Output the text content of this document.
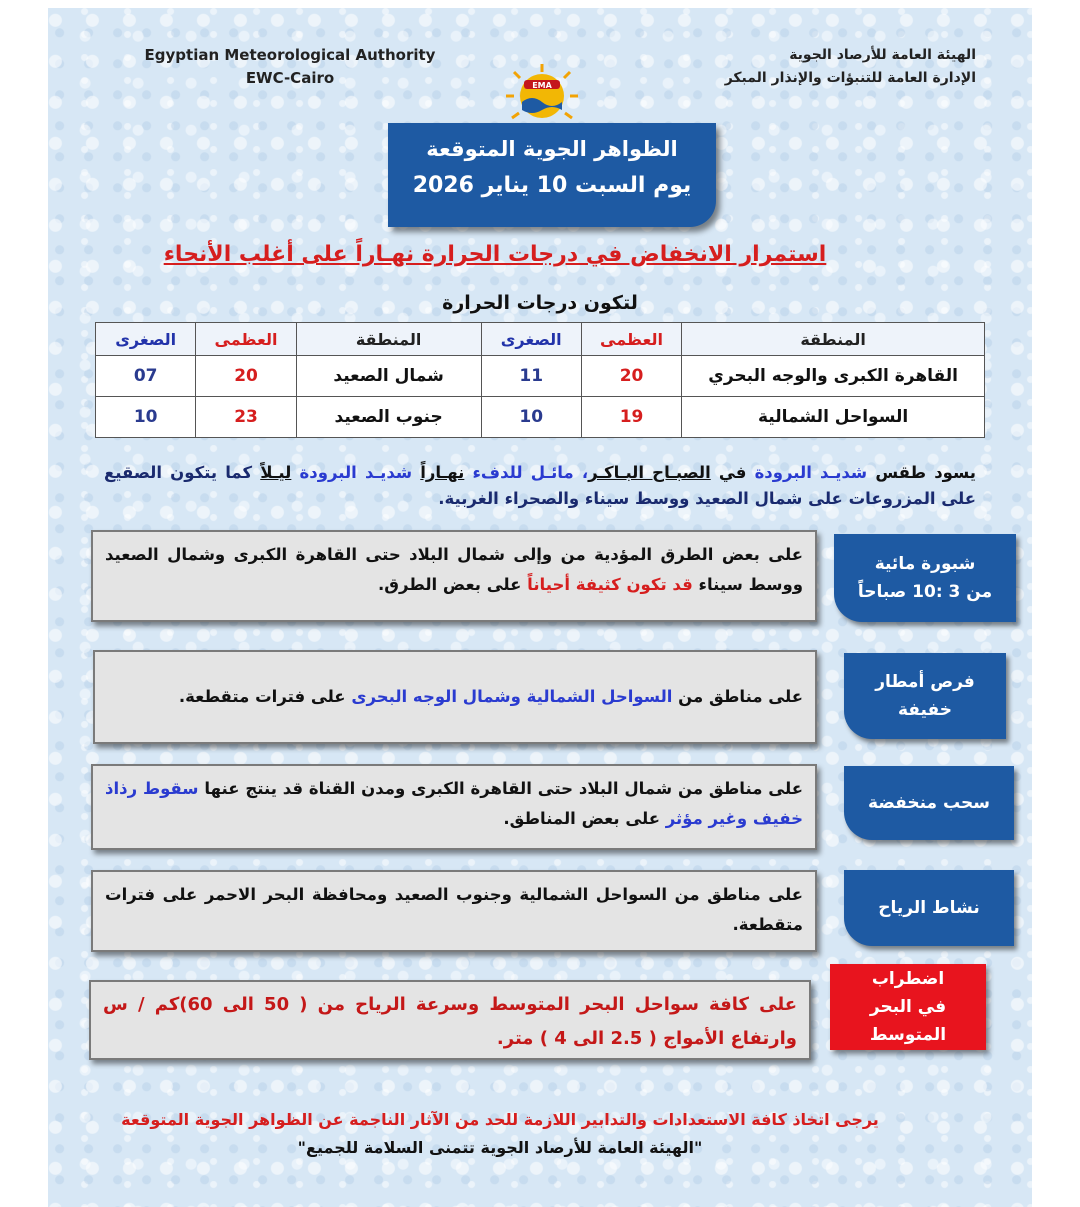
Egyptian Meteorological Authority
EWC-Cairo
الهيئة العامة للأرصاد الجوية
الإدارة العامة للتنبؤات والإنذار المبكر
EMA
الظواهر الجوية المتوقعة
يوم السبت 10 يناير 2026
استمرار الانخفاض في درجات الحرارة نهـاراً على أغلب الأنحاء
لتكون درجات الحرارة
المنطقة	العظمى	الصغرى	المنطقة	العظمى	الصغرى
القاهرة الكبرى والوجه البحري	20	11	شمال الصعيد	20	07
السواحل الشمالية	19	10	جنوب الصعيد	23	10
يسود طقس شديـد البرودة في الصبـاح البـاكـر، مائـل للدفء نهـاراً شديـد البرودة ليـلاً كما يتكون الصقيع على المزروعات على شمال الصعيد ووسط سيناء والصحراء الغربية.
على بعض الطرق المؤدية من وإلى شمال البلاد حتى القاهرة الكبرى وشمال الصعيد ووسط سيناء قد تكون كثيفة أحياناً على بعض الطرق.
شبورة مائية
من 3 :10 صباحاً
على مناطق من السواحل الشمالية وشمال الوجه البحرى على فترات متقطعة.
فرص أمطار
خفيفة
على مناطق من شمال البلاد حتى القاهرة الكبرى ومدن القناة قد ينتج عنها سقوط رذاذ خفيف وغير مؤثر على بعض المناطق.
سحب منخفضة
على مناطق من السواحل الشمالية وجنوب الصعيد ومحافظة البحر الاحمر على فترات متقطعة.
نشاط الرياح
على كافة سواحل البحر المتوسط وسرعة الرياح من ( 50 الى 60)كم / س وارتفاع الأمواج ( 2.5 الى 4 ) متر.
اضطراب
في البحر المتوسط
يرجى اتخاذ كافة الاستعدادات والتدابير اللازمة للحد من الآثار الناجمة عن الظواهر الجوية المتوقعة
"الهيئة العامة للأرصاد الجوية تتمنى السلامة للجميع"
